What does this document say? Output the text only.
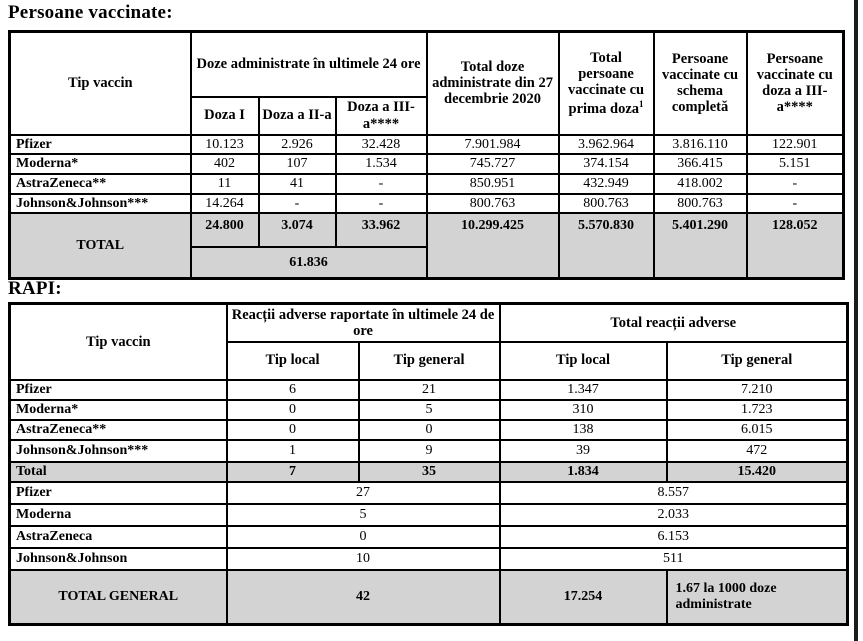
Persoane vaccinate:
Tip vaccin	Doze administrate în ultimele 24 ore			Total doze administrate din 27 decembrie 2020	Total persoane vaccinate cu prima doza$^1$	Persoane vaccinate cu schema completă	Persoane vaccinate cu doza a III-a****
	Doza I	Doza a II-a	Doza a III-a****				
Pfizer	10.123	2.926	32.428	7.901.984	3.962.964	3.816.110	122.901
Moderna*	402	107	1.534	745.727	374.154	366.415	5.151
AstraZeneca**	11	41	-	850.951	432.949	418.002	-
Johnson&Johnson***	14.264	-	-	800.763	800.763	800.763	-
TOTAL	24.800	3.074	33.962	10.299.425	5.570.830	5.401.290	128.052
	61.836						
RAPI:
Tip vaccin	Reacții adverse raportate în ultimele 24 de ore		Total reacții adverse	
	Tip local	Tip general	Tip local	Tip general
Pfizer	6	21	1.347	7.210
Moderna*	0	5	310	1.723
AstraZeneca**	0	0	138	6.015
Johnson&Johnson***	1	9	39	472
Total	7	35	1.834	15.420
Pfizer	27		8.557	
Moderna	5		2.033	
AstraZeneca	0		6.153	
Johnson&Johnson	10		511	
TOTAL GENERAL	42		17.254	1.67 la 1000 doze administrate
